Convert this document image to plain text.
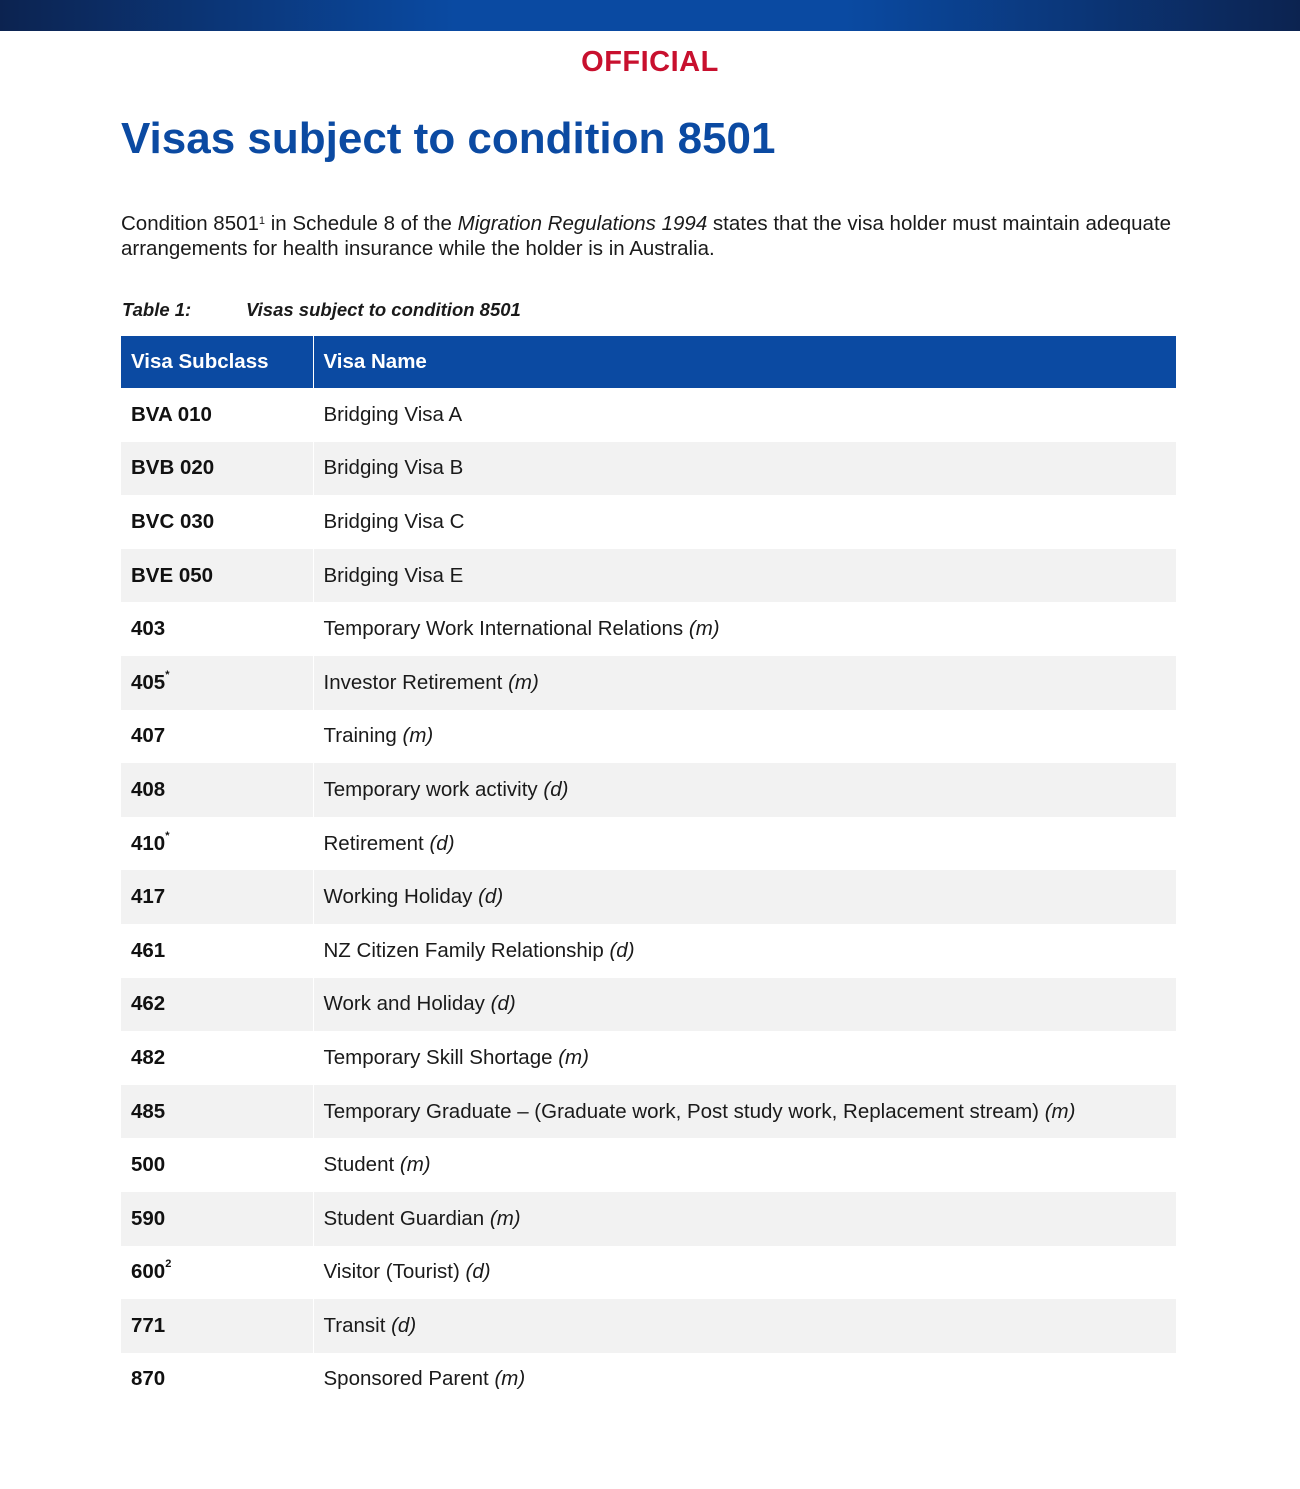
OFFICIAL
Visas subject to condition 8501

Condition 8501$^1$ in Schedule 8 of the Migration Regulations 1994 states that the visa holder must maintain adequate arrangements for health insurance while the holder is in Australia.

Table 1:	Visas subject to condition 8501
Visa Subclass	Visa Name
BVA 010	Bridging Visa A
BVB 020	Bridging Visa B
BVC 030	Bridging Visa C
BVE 050	Bridging Visa E
403	Temporary Work International Relations (m)
405*	Investor Retirement (m)
407	Training (m)
408	Temporary work activity (d)
410*	Retirement (d)
417	Working Holiday (d)
461	NZ Citizen Family Relationship (d)
462	Work and Holiday (d)
482	Temporary Skill Shortage (m)
485	Temporary Graduate – (Graduate work, Post study work, Replacement stream) (m)
500	Student (m)
590	Student Guardian (m)
$600^2$	Visitor (Tourist) (d)
771	Transit (d)
870	Sponsored Parent (m)
